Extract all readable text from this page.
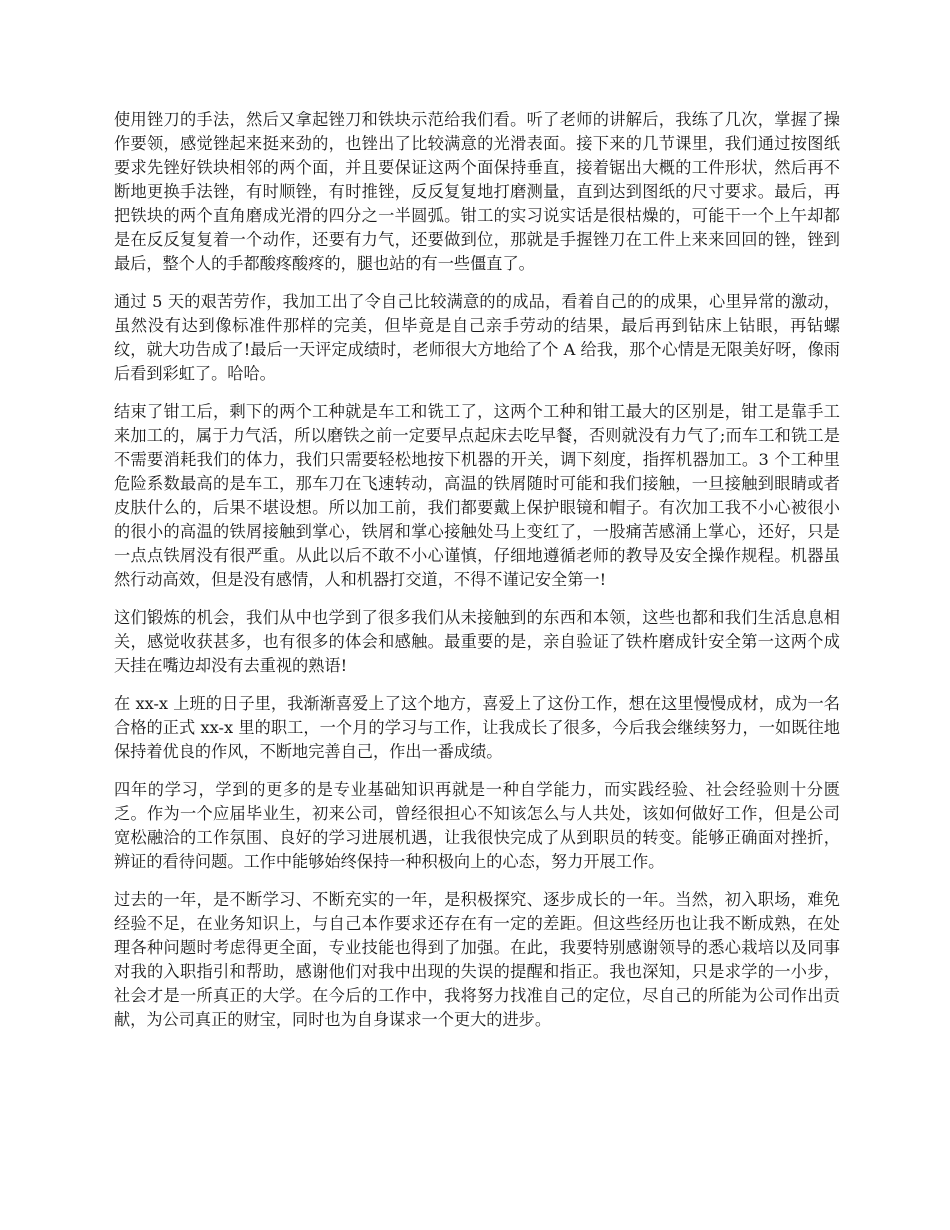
使用锉刀的手法，然后又拿起锉刀和铁块示范给我们看。听了老师的讲解后，我练了几次，掌握了操作要领，感觉锉起来挺来劲的，也锉出了比较满意的光滑表面。接下来的几节课里，我们通过按图纸要求先锉好铁块相邻的两个面，并且要保证这两个面保持垂直，接着锯出大概的工件形状，然后再不断地更换手法锉，有时顺锉，有时推锉，反反复复地打磨测量，直到达到图纸的尺寸要求。最后，再把铁块的两个直角磨成光滑的四分之一半圆弧。钳工的实习说实话是很枯燥的，可能干一个上午却都是在反反复复着一个动作，还要有力气，还要做到位，那就是手握锉刀在工件上来来回回的锉，锉到最后，整个人的手都酸疼酸疼的，腿也站的有一些僵直了。

通过 5 天的艰苦劳作，我加工出了令自己比较满意的的成品，看着自己的的成果，心里异常的激动，虽然没有达到像标准件那样的完美，但毕竟是自己亲手劳动的结果，最后再到钻床上钻眼，再钻螺纹，就大功告成了!最后一天评定成绩时，老师很大方地给了个 A 给我，那个心情是无限美好呀，像雨后看到彩虹了。哈哈。

结束了钳工后，剩下的两个工种就是车工和铣工了，这两个工种和钳工最大的区别是，钳工是靠手工来加工的，属于力气活，所以磨铁之前一定要早点起床去吃早餐，否则就没有力气了;而车工和铣工是不需要消耗我们的体力，我们只需要轻松地按下机器的开关，调下刻度，指挥机器加工。3 个工种里危险系数最高的是车工，那车刀在飞速转动，高温的铁屑随时可能和我们接触，一旦接触到眼睛或者皮肤什么的，后果不堪设想。所以加工前，我们都要戴上保护眼镜和帽子。有次加工我不小心被很小的很小的高温的铁屑接触到掌心，铁屑和掌心接触处马上变红了，一股痛苦感涌上掌心，还好，只是一点点铁屑没有很严重。从此以后不敢不小心谨慎，仔细地遵循老师的教导及安全操作规程。机器虽然行动高效，但是没有感情，人和机器打交道，不得不谨记安全第一!

这们锻炼的机会，我们从中也学到了很多我们从未接触到的东西和本领，这些也都和我们生活息息相关，感觉收获甚多，也有很多的体会和感触。最重要的是，亲自验证了铁杵磨成针安全第一这两个成天挂在嘴边却没有去重视的熟语!

在 xx-x 上班的日子里，我渐渐喜爱上了这个地方，喜爱上了这份工作，想在这里慢慢成材，成为一名合格的正式 xx-x 里的职工，一个月的学习与工作，让我成长了很多，今后我会继续努力，一如既往地保持着优良的作风，不断地完善自己，作出一番成绩。

四年的学习，学到的更多的是专业基础知识再就是一种自学能力，而实践经验、社会经验则十分匮乏。作为一个应届毕业生，初来公司，曾经很担心不知该怎么与人共处，该如何做好工作，但是公司宽松融洽的工作氛围、良好的学习进展机遇，让我很快完成了从到职员的转变。能够正确面对挫折，辨证的看待问题。工作中能够始终保持一种积极向上的心态，努力开展工作。

过去的一年，是不断学习、不断充实的一年，是积极探究、逐步成长的一年。当然，初入职场，难免经验不足，在业务知识上，与自己本作要求还存在有一定的差距。但这些经历也让我不断成熟，在处理各种问题时考虑得更全面，专业技能也得到了加强。在此，我要特别感谢领导的悉心栽培以及同事对我的入职指引和帮助，感谢他们对我中出现的失误的提醒和指正。我也深知，只是求学的一小步，社会才是一所真正的大学。在今后的工作中，我将努力找准自己的定位，尽自己的所能为公司作出贡献，为公司真正的财宝，同时也为自身谋求一个更大的进步。
